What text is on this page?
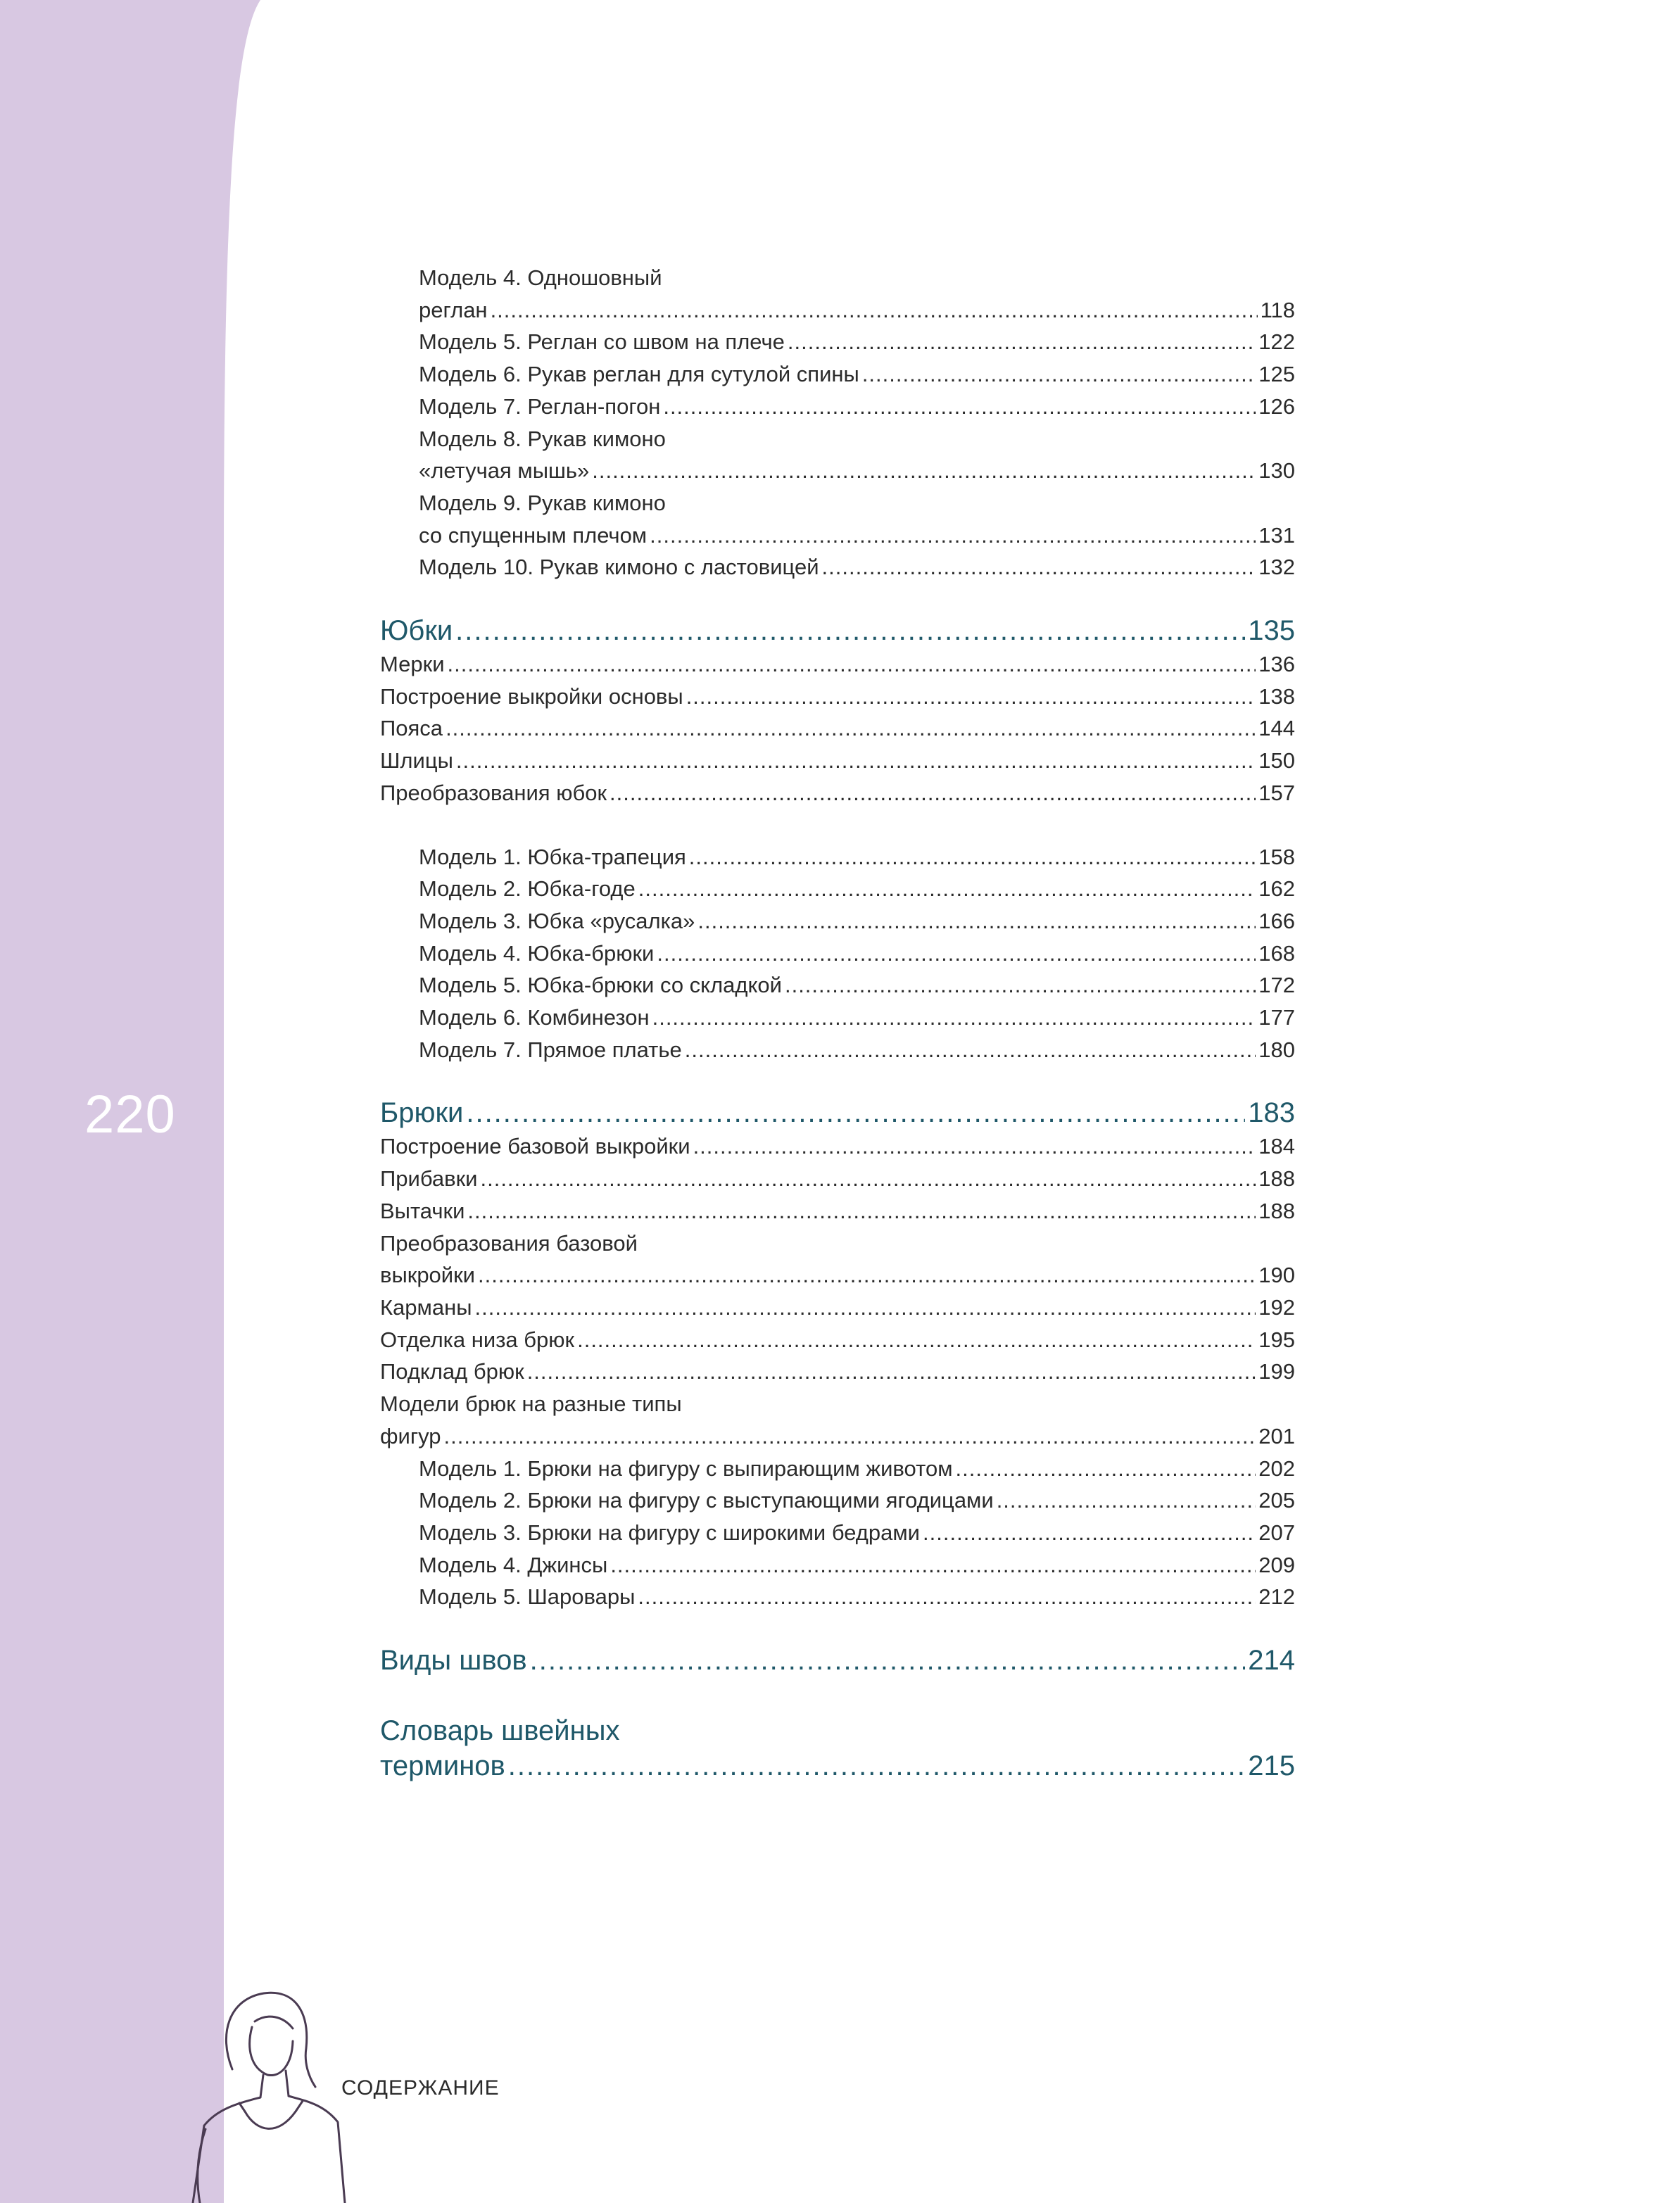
220
Модель 4. Одношовный
реглан .....	118
Модель 5. Реглан со швом на плече .....	122
Модель 6. Рукав реглан для сутулой спины .....	125
Модель 7. Реглан-погон .....	126
Модель 8. Рукав кимоно
«летучая мышь» .....	130
Модель 9. Рукав кимоно
со спущенным плечом .....	131
Модель 10. Рукав кимоно с ластовицей .....	132
Юбки .....	135
Мерки .....	136
Построение выкройки основы .....	138
Пояса .....	144
Шлицы .....	150
Преобразования юбок .....	157
Модель 1. Юбка-трапеция .....	158
Модель 2. Юбка-годе .....	162
Модель 3. Юбка «русалка» .....	166
Модель 4. Юбка-брюки .....	168
Модель 5. Юбка-брюки со складкой .....	172
Модель 6. Комбинезон .....	177
Модель 7. Прямое платье .....	180
Брюки .....	183
Построение базовой выкройки .....	184
Прибавки .....	188
Вытачки .....	188
Преобразования базовой
выкройки .....	190
Карманы .....	192
Отделка низа брюк .....	195
Подклад брюк .....	199
Модели брюк на разные типы
фигур .....	201
Модель 1. Брюки на фигуру с выпирающим животом .....	202
Модель 2. Брюки на фигуру с выступающими ягодицами .....	205
Модель 3. Брюки на фигуру с широкими бедрами .....	207
Модель 4. Джинсы .....	209
Модель 5. Шаровары .....	212
Виды швов .....	214
Словарь швейных
терминов .....	215
СОДЕРЖАНИЕ
